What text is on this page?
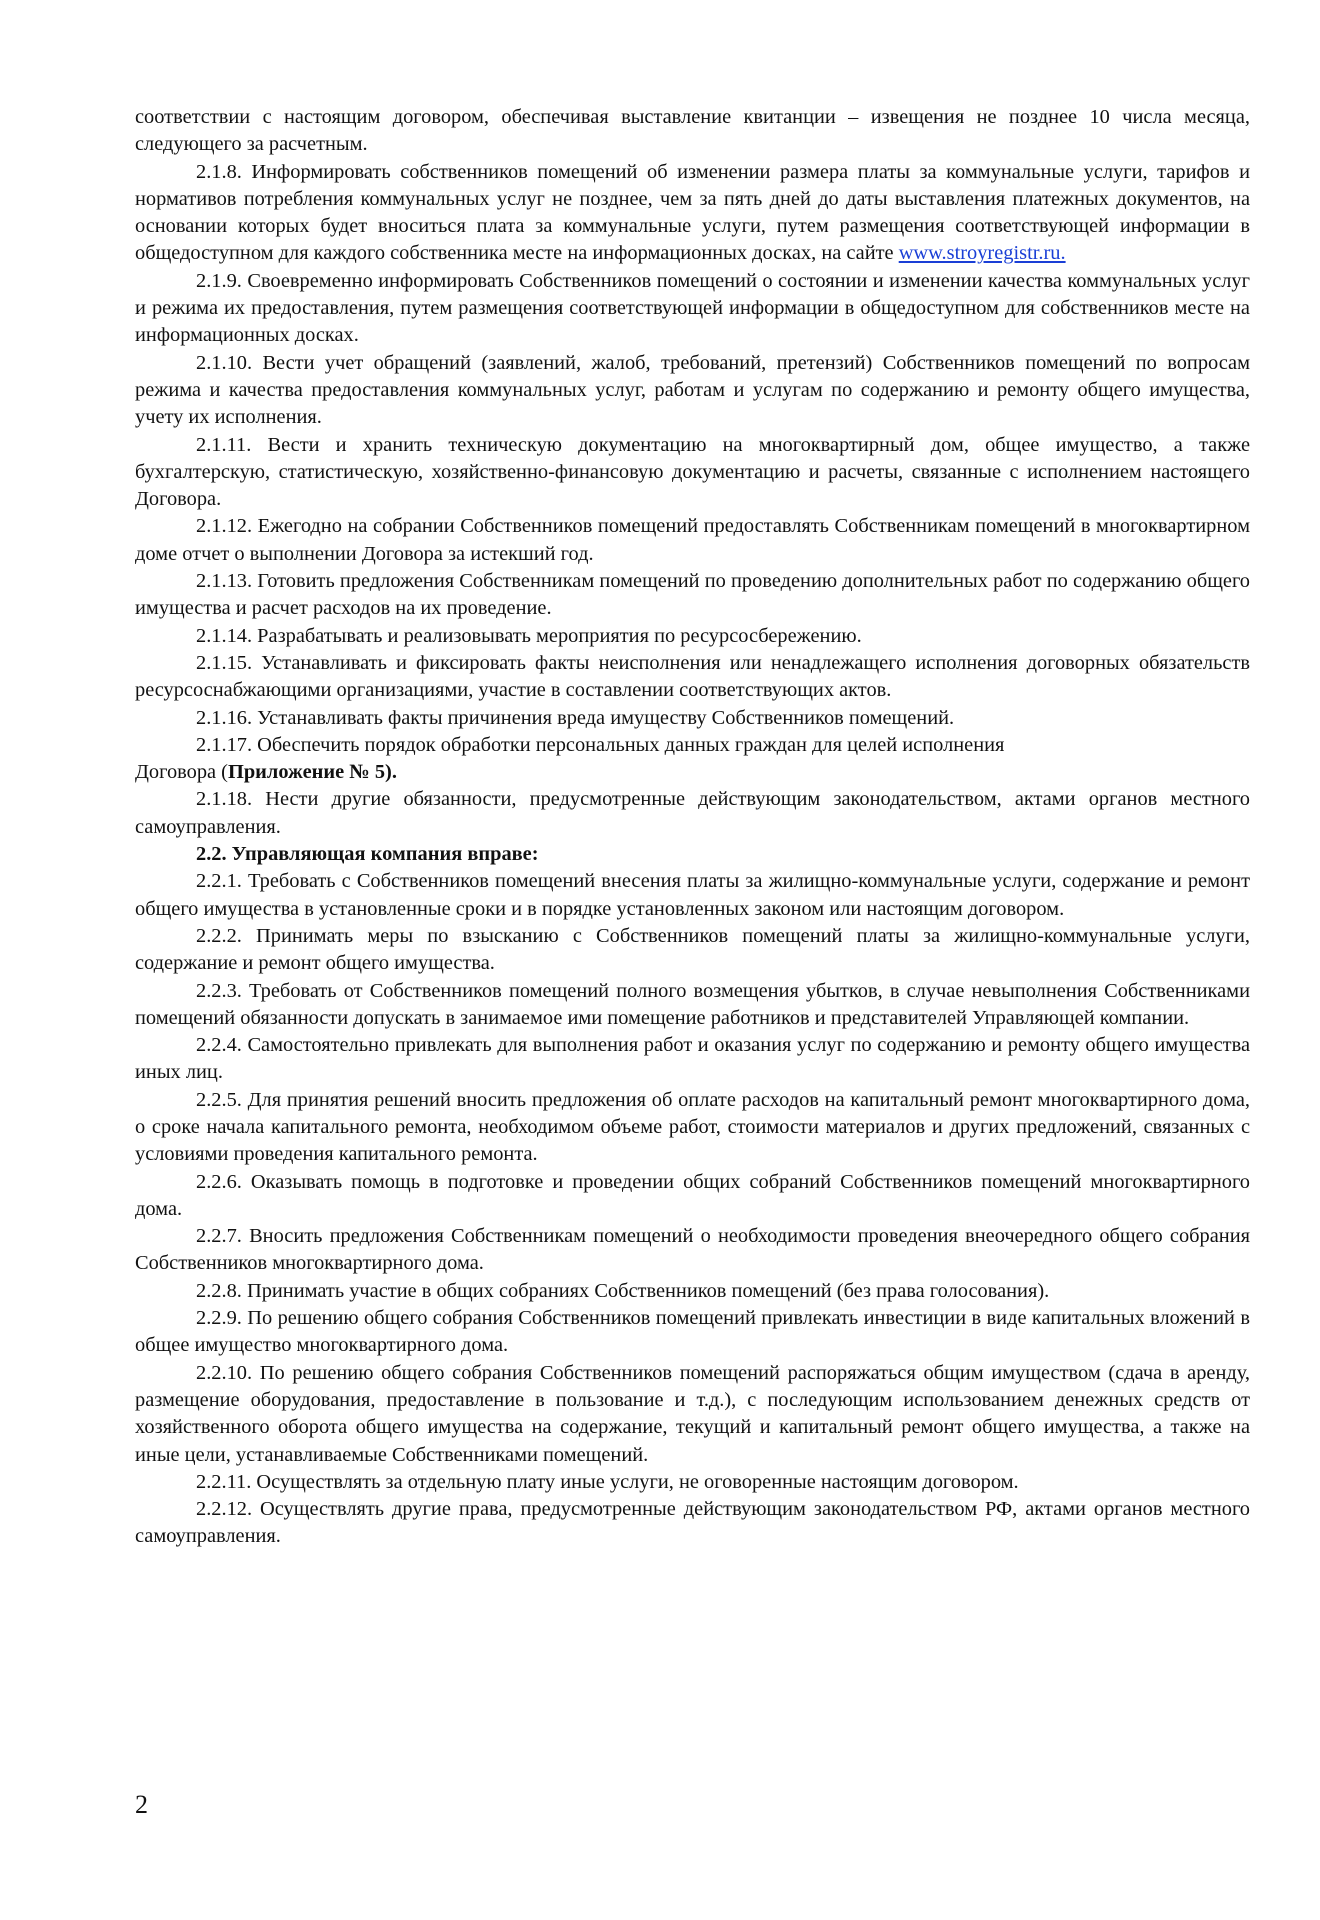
соответствии с настоящим договором, обеспечивая выставление квитанции – извещения не позднее 10 числа месяца, следующего за расчетным.

2.1.8. Информировать собственников помещений об изменении размера платы за коммунальные услуги, тарифов и нормативов потребления коммунальных услуг не позднее, чем за пять дней до даты выставления платежных документов, на основании которых будет вноситься плата за коммунальные услуги, путем размещения соответствующей информации в общедоступном для каждого собственника месте на информационных досках, на сайте www.stroyregistr.ru.

2.1.9. Своевременно информировать Собственников помещений о состоянии и изменении качества коммунальных услуг и режима их предоставления, путем размещения соответствующей информации в общедоступном для собственников месте на информационных досках.

2.1.10. Вести учет обращений (заявлений, жалоб, требований, претензий) Собственников помещений по вопросам режима и качества предоставления коммунальных услуг, работам и услугам по содержанию и ремонту общего имущества, учету их исполнения.

2.1.11. Вести и хранить техническую документацию на многоквартирный дом, общее имущество, а также бухгалтерскую, статистическую, хозяйственно-финансовую документацию и расчеты, связанные с исполнением настоящего Договора.

2.1.12. Ежегодно на собрании Собственников помещений предоставлять Собственникам помещений в многоквартирном доме отчет о выполнении Договора за истекший год.

2.1.13. Готовить предложения Собственникам помещений по проведению дополнительных работ по содержанию общего имущества и расчет расходов на их проведение.

2.1.14. Разрабатывать и реализовывать мероприятия по ресурсосбережению.

2.1.15. Устанавливать и фиксировать факты неисполнения или ненадлежащего исполнения договорных обязательств ресурсоснабжающими организациями, участие в составлении соответствующих актов.

2.1.16. Устанавливать факты причинения вреда имуществу Собственников помещений.

2.1.17. Обеспечить порядок обработки персональных данных граждан для целей исполнения

Договора (Приложение № 5).

2.1.18. Нести другие обязанности, предусмотренные действующим законодательством, актами органов местного самоуправления.

2.2. Управляющая компания вправе:

2.2.1. Требовать с Собственников помещений внесения платы за жилищно-коммунальные услуги, содержание и ремонт общего имущества в установленные сроки и в порядке установленных законом или настоящим договором.

2.2.2. Принимать меры по взысканию с Собственников помещений платы за жилищно-коммунальные услуги, содержание и ремонт общего имущества.

2.2.3. Требовать от Собственников помещений полного возмещения убытков, в случае невыполнения Собственниками помещений обязанности допускать в занимаемое ими помещение работников и представителей Управляющей компании.

2.2.4. Самостоятельно привлекать для выполнения работ и оказания услуг по содержанию и ремонту общего имущества иных лиц.

2.2.5. Для принятия решений вносить предложения об оплате расходов на капитальный ремонт многоквартирного дома, о сроке начала капитального ремонта, необходимом объеме работ, стоимости материалов и других предложений, связанных с условиями проведения капитального ремонта.

2.2.6. Оказывать помощь в подготовке и проведении общих собраний Собственников помещений многоквартирного дома.

2.2.7. Вносить предложения Собственникам помещений о необходимости проведения внеочередного общего собрания Собственников многоквартирного дома.

2.2.8. Принимать участие в общих собраниях Собственников помещений (без права голосования).

2.2.9. По решению общего собрания Собственников помещений привлекать инвестиции в виде капитальных вложений в общее имущество многоквартирного дома.

2.2.10. По решению общего собрания Собственников помещений распоряжаться общим имуществом (сдача в аренду, размещение оборудования, предоставление в пользование и т.д.), с последующим использованием денежных средств от хозяйственного оборота общего имущества на содержание, текущий и капитальный ремонт общего имущества, а также на иные цели, устанавливаемые Собственниками помещений.

2.2.11. Осуществлять за отдельную плату иные услуги, не оговоренные настоящим договором.

2.2.12. Осуществлять другие права, предусмотренные действующим законодательством РФ, актами органов местного самоуправления.

2
